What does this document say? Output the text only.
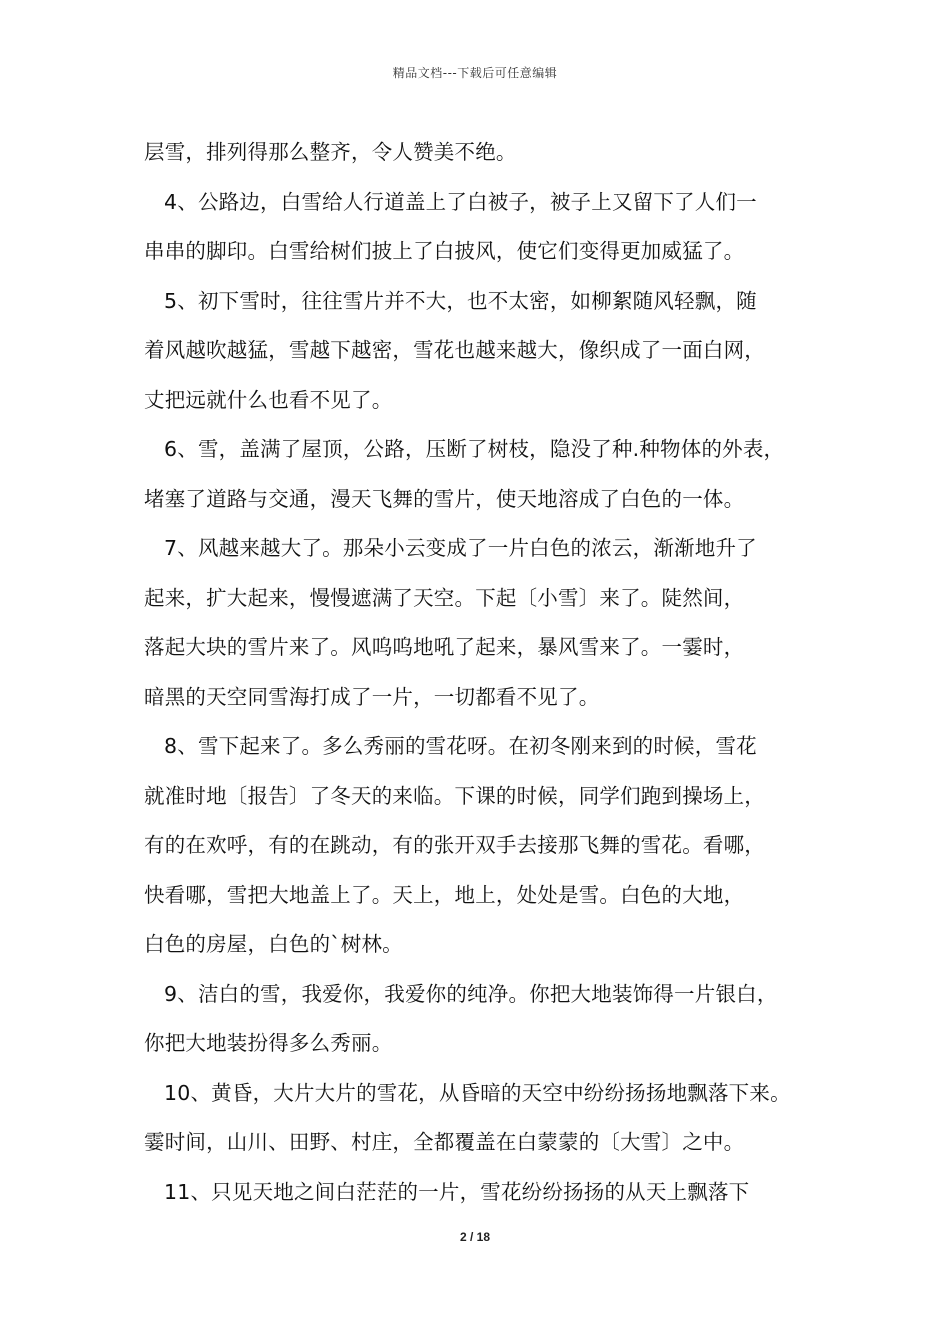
精品文档---下载后可任意编辑
层雪，排列得那么整齐，令人赞美不绝。
4、公路边，白雪给人行道盖上了白被子，被子上又留下了人们一
串串的脚印。白雪给树们披上了白披风，使它们变得更加威猛了。
5、初下雪时，往往雪片并不大，也不太密，如柳絮随风轻飘，随
着风越吹越猛，雪越下越密，雪花也越来越大，像织成了一面白网，
丈把远就什么也看不见了。
6、雪，盖满了屋顶，公路，压断了树枝，隐没了种.种物体的外表，
堵塞了道路与交通，漫天飞舞的雪片，使天地溶成了白色的一体。
7、风越来越大了。那朵小云变成了一片白色的浓云，渐渐地升了
起来，扩大起来，慢慢遮满了天空。下起〔小雪〕来了。陡然间，
落起大块的雪片来了。风呜呜地吼了起来，暴风雪来了。一霎时，
暗黑的天空同雪海打成了一片，一切都看不见了。
8、雪下起来了。多么秀丽的雪花呀。在初冬刚来到的时候，雪花
就准时地〔报告〕了冬天的来临。下课的时候，同学们跑到操场上，
有的在欢呼，有的在跳动，有的张开双手去接那飞舞的雪花。看哪，
快看哪，雪把大地盖上了。天上，地上，处处是雪。白色的大地，
白色的房屋，白色的`树林。
9、洁白的雪，我爱你，我爱你的纯净。你把大地装饰得一片银白，
你把大地装扮得多么秀丽。
10、黄昏，大片大片的雪花，从昏暗的天空中纷纷扬扬地飘落下来。
霎时间，山川、田野、村庄，全都覆盖在白蒙蒙的〔大雪〕之中。
11、只见天地之间白茫茫的一片，雪花纷纷扬扬的从天上飘落下
2 / 18
